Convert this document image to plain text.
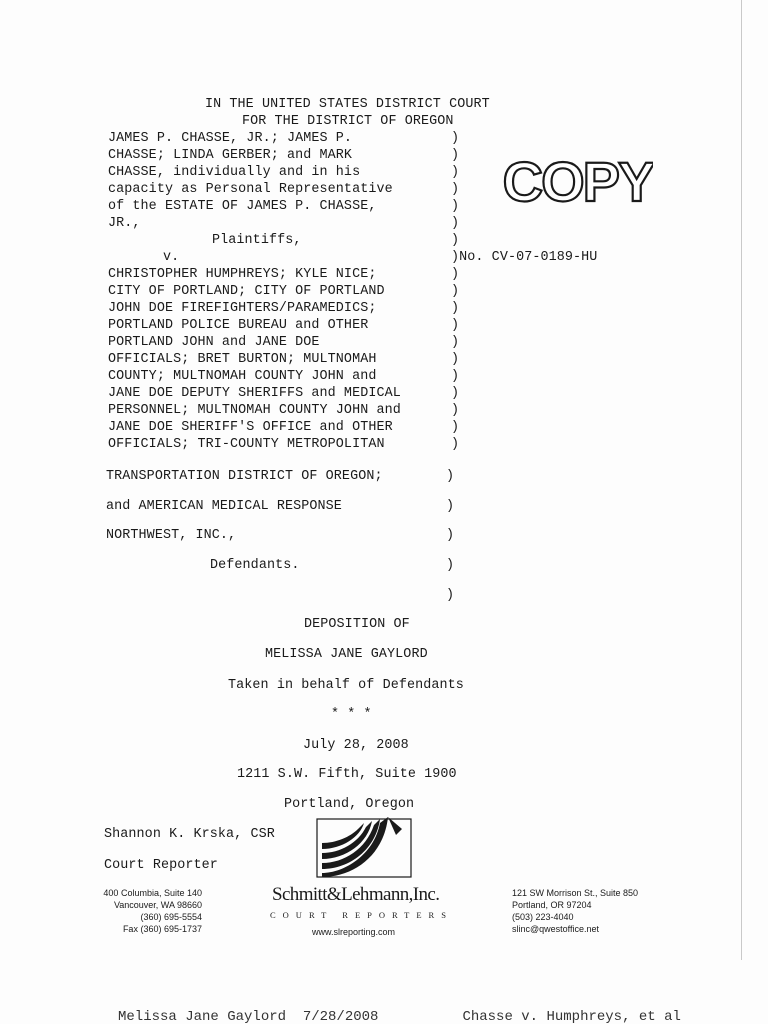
IN THE UNITED STATES DISTRICT COURT
FOR THE DISTRICT OF OREGON
JAMES P. CHASSE, JR.; JAMES P.
CHASSE; LINDA GERBER; and MARK
CHASSE, individually and in his
capacity as Personal Representative
of the ESTATE OF JAMES P. CHASSE,
JR.,
Plaintiffs,
v.
CHRISTOPHER HUMPHREYS; KYLE NICE;
CITY OF PORTLAND; CITY OF PORTLAND
JOHN DOE FIREFIGHTERS/PARAMEDICS;
PORTLAND POLICE BUREAU and OTHER
PORTLAND JOHN and JANE DOE
OFFICIALS; BRET BURTON; MULTNOMAH
COUNTY; MULTNOMAH COUNTY JOHN and
JANE DOE DEPUTY SHERIFFS and MEDICAL
PERSONNEL; MULTNOMAH COUNTY JOHN and
JANE DOE SHERIFF'S OFFICE and OTHER
OFFICIALS; TRI-COUNTY METROPOLITAN
TRANSPORTATION DISTRICT OF OREGON;
and AMERICAN MEDICAL RESPONSE
NORTHWEST, INC.,
Defendants.
)
)
)
)
)
)
)
)No. CV-07-0189-HU
)
)
)
)
)
)
)
)
)
)
)
)
)
)
)
)
COPY
DEPOSITION OF
MELISSA JANE GAYLORD
Taken in behalf of Defendants
* * *
July 28, 2008
1211 S.W. Fifth, Suite 1900
Portland, Oregon
Shannon K. Krska, CSR
Court Reporter
Schmitt&Lehmann,Inc.
COURT REPORTERS
www.slreporting.com
400 Columbia, Suite 140
Vancouver, WA 98660
(360) 695-5554
Fax (360) 695-1737
121 SW Morrison St., Suite 850
Portland, OR 97204
(503) 223-4040
slinc@qwestoffice.net
Melissa Jane Gaylord  7/28/2008          Chasse v. Humphreys, et al
